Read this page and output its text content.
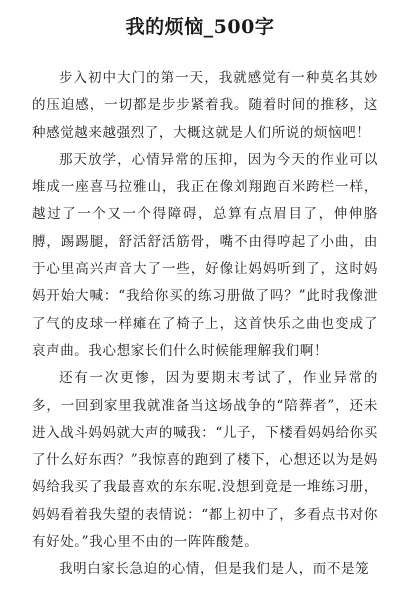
我的烦恼_500字

步入初中大门的第一天，我就感觉有一种莫名其妙的压迫感，一切都是步步紧着我。随着时间的推移，这种感觉越来越强烈了，大概这就是人们所说的烦恼吧！

那天放学，心情异常的压抑，因为今天的作业可以堆成一座喜马拉雅山，我正在像刘翔跑百米跨栏一样，越过了一个又一个得障碍，总算有点眉目了，伸伸胳膊，踢踢腿，舒活舒活筋骨，嘴不由得哼起了小曲，由于心里高兴声音大了一些，好像让妈妈听到了，这时妈妈开始大喊：“我给你买的练习册做了吗？”此时我像泄了气的皮球一样瘫在了椅子上，这首快乐之曲也变成了哀声曲。我心想家长们什么时候能理解我们啊！

还有一次更惨，因为要期末考试了，作业异常的多，一回到家里我就准备当这场战争的“陪葬者”，还未进入战斗妈妈就大声的喊我：“儿子，下楼看妈妈给你买了什么好东西？”我惊喜的跑到了楼下，心想还以为是妈妈给我买了我最喜欢的东东呢.没想到竟是一堆练习册，妈妈看着我失望的表情说：“都上初中了，多看点书对你有好处。”我心里不由的一阵阵酸楚。

我明白家长急迫的心情，但是我们是人，而不是笼
